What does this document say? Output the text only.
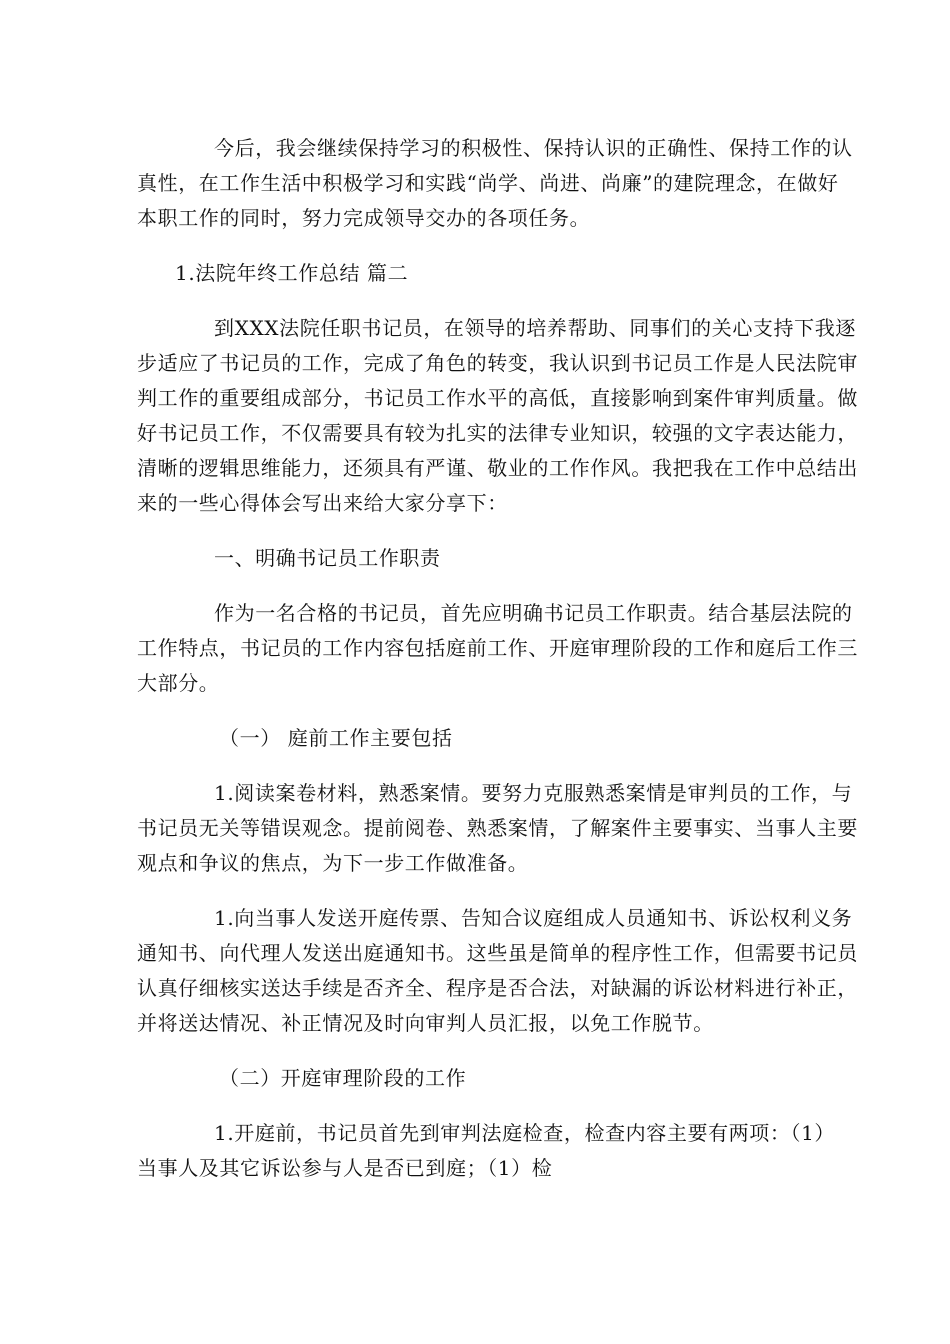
今后，我会继续保持学习的积极性、保持认识的正确性、保持工作的认
真性，在工作生活中积极学习和实践“尚学、尚进、尚廉”的建院理念，在做好
本职工作的同时，努力完成领导交办的各项任务。
1.法院年终工作总结 篇二
到XXX法院任职书记员，在领导的培养帮助、同事们的关心支持下我逐
步适应了书记员的工作，完成了角色的转变，我认识到书记员工作是人民法院审
判工作的重要组成部分，书记员工作水平的高低，直接影响到案件审判质量。做
好书记员工作，不仅需要具有较为扎实的法律专业知识，较强的文字表达能力，
清晰的逻辑思维能力，还须具有严谨、敬业的工作作风。我把我在工作中总结出
来的一些心得体会写出来给大家分享下：
一、明确书记员工作职责
作为一名合格的书记员，首先应明确书记员工作职责。结合基层法院的
工作特点，书记员的工作内容包括庭前工作、开庭审理阶段的工作和庭后工作三
大部分。
（一） 庭前工作主要包括
1.阅读案卷材料，熟悉案情。要努力克服熟悉案情是审判员的工作，与
书记员无关等错误观念。提前阅卷、熟悉案情，了解案件主要事实、当事人主要
观点和争议的焦点，为下一步工作做准备。
1.向当事人发送开庭传票、告知合议庭组成人员通知书、诉讼权利义务
通知书、向代理人发送出庭通知书。这些虽是简单的程序性工作，但需要书记员
认真仔细核实送达手续是否齐全、程序是否合法，对缺漏的诉讼材料进行补正，
并将送达情况、补正情况及时向审判人员汇报，以免工作脱节。
（二）开庭审理阶段的工作
1.开庭前，书记员首先到审判法庭检查，检查内容主要有两项：（1）
当事人及其它诉讼参与人是否已到庭；（1）检
